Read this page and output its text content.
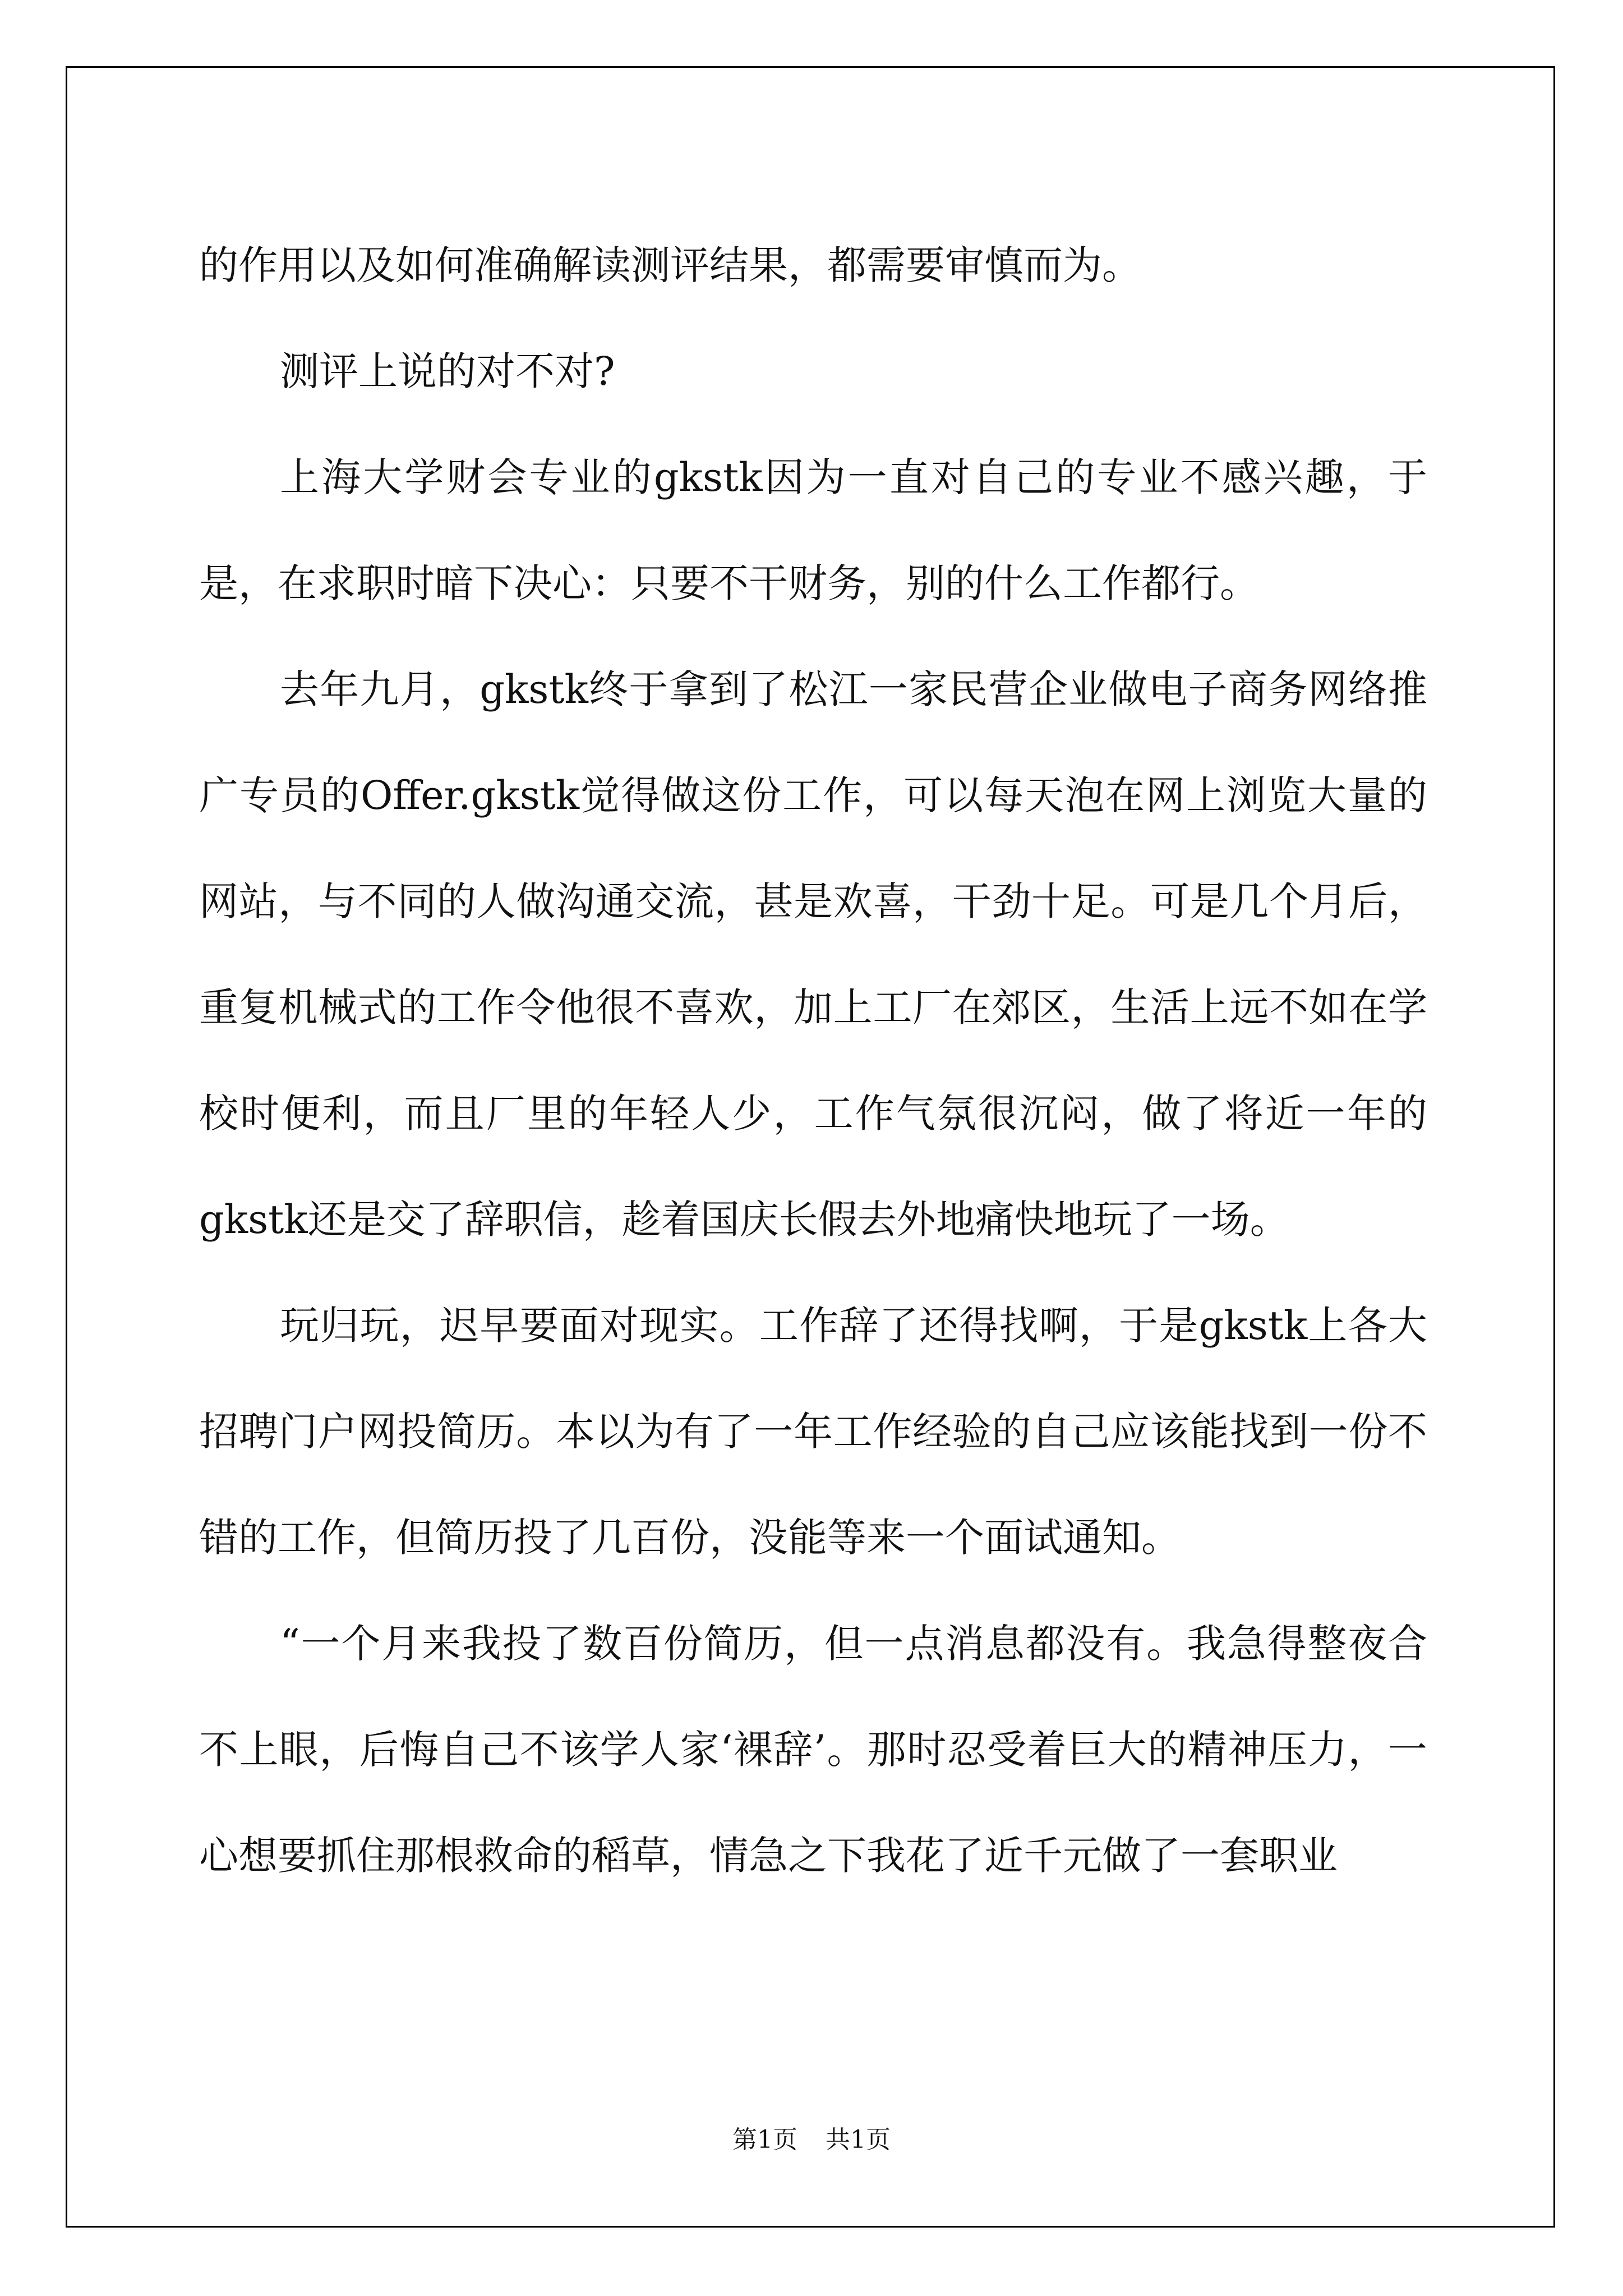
的作用以及如何准确解读测评结果，都需要审慎而为。

测评上说的对不对?

上海大学财会专业的gkstk因为一直对自己的专业不感兴趣，于是，在求职时暗下决心：只要不干财务，别的什么工作都行。

去年九月，gkstk终于拿到了松江一家民营企业做电子商务网络推广专员的Offer.gkstk觉得做这份工作，可以每天泡在网上浏览大量的网站，与不同的人做沟通交流，甚是欢喜，干劲十足。可是几个月后，重复机械式的工作令他很不喜欢，加上工厂在郊区，生活上远不如在学校时便利，而且厂里的年轻人少，工作气氛很沉闷，做了将近一年的gkstk还是交了辞职信，趁着国庆长假去外地痛快地玩了一场。

玩归玩，迟早要面对现实。工作辞了还得找啊，于是gkstk上各大招聘门户网投简历。本以为有了一年工作经验的自己应该能找到一份不错的工作，但简历投了几百份，没能等来一个面试通知。

“一个月来我投了数百份简历，但一点消息都没有。我急得整夜合不上眼，后悔自己不该学人家‘裸辞’。那时忍受着巨大的精神压力，一心想要抓住那根救命的稻草，情急之下我花了近千元做了一套职业

第1页 共1页
